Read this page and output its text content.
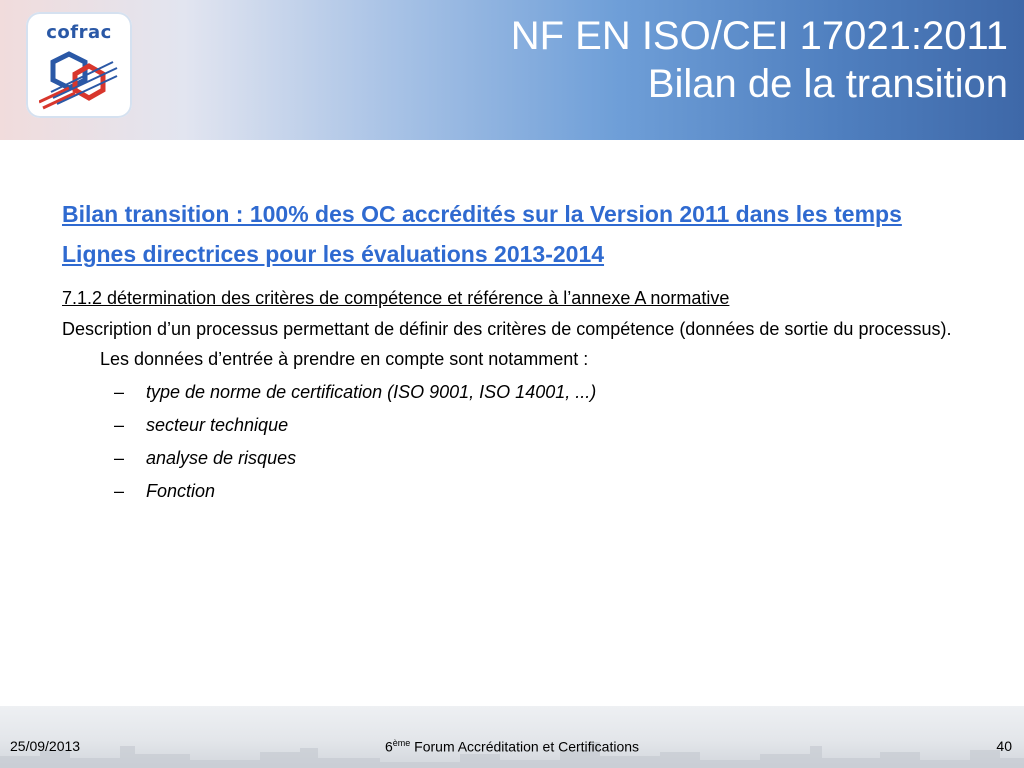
cofrac	NF EN ISO/CEI 17021:2011
Bilan de la transition
Bilan transition : 100% des OC accrédités sur la Version 2011 dans les temps
Lignes directrices pour les évaluations 2013-2014
7.1.2 détermination des critères de compétence et référence à l’annexe A normative
Description d’un processus permettant de définir des critères de compétence (données de sortie du processus).
Les données d’entrée à prendre en compte sont notamment :
– type de norme de certification (ISO 9001, ISO 14001, ...)
– secteur technique
– analyse de risques
– Fonction
25/09/2013	6ème Forum Accréditation et Certifications	40
